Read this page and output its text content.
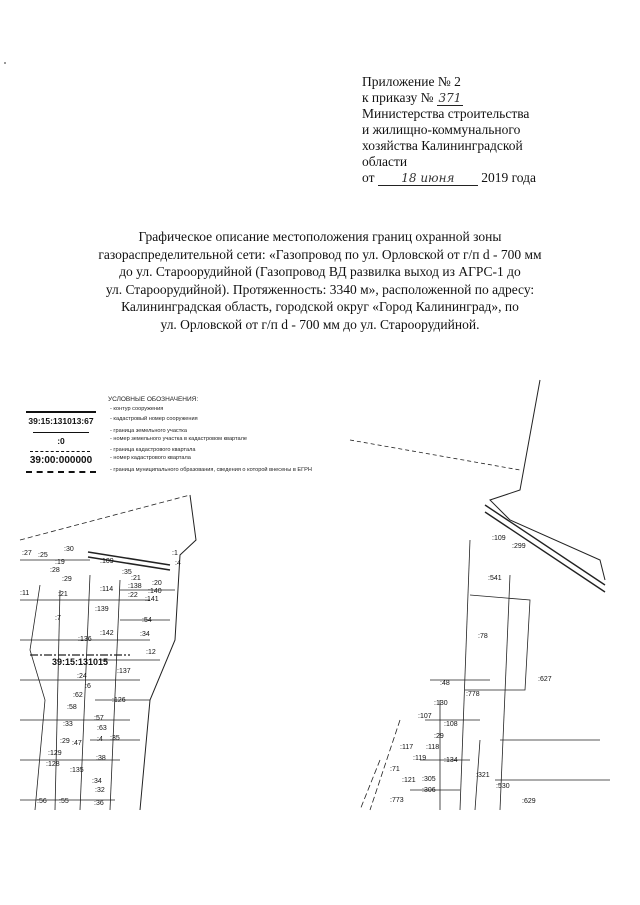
Приложение № 2
к приказу № 371
Министерства строительства
и жилищно-коммунального
хозяйства Калининградской
области
от 18 июня 2019 года
Графическое описание местоположения границ охранной зоны
газораспределительной сети: «Газопровод по ул. Орловской от г/п d - 700 мм
до ул. Староорудийной (Газопровод ВД развилка выход из АГРС-1 до
ул. Староорудийной). Протяженность: 3340 м», расположенной по адресу:
Калининградская область, городской округ «Город Калининград», по
ул. Орловской от г/п d - 700 мм до ул. Староорудийной.
:27
:30
:25
:19
:28
:29
:1
:4
:109
:35
:21
:20
:11	:21
:114 :138
:22
:140
:141
:139
:7
:136
:142
:54
:34
:12
:137
:24
:6
:62
:126
:58
:57
:33
:63
:29 :47
:4 :35
:129
:128
:38
:135
:34
:32
:56 :55	:36
39:15:131015
:109
:299
:541
:78
:627
:48
:778
:130
:107
:108
:29
:117 :118
:119	:134
:71
:121 :305
:306
:321
:629
:773
:530
УСЛОВНЫЕ ОБОЗНАЧЕНИЯ:
- контур сооружения
39:15:131013:67	- кадастровый номер сооружения
- граница земельного участка
:0	- номер земельного участка в кадастровом квартале
- граница кадастрового квартала
39:00:000000	- номер кадастрового квартала
- граница муниципального образования, сведения о которой внесены в ЕГРН
